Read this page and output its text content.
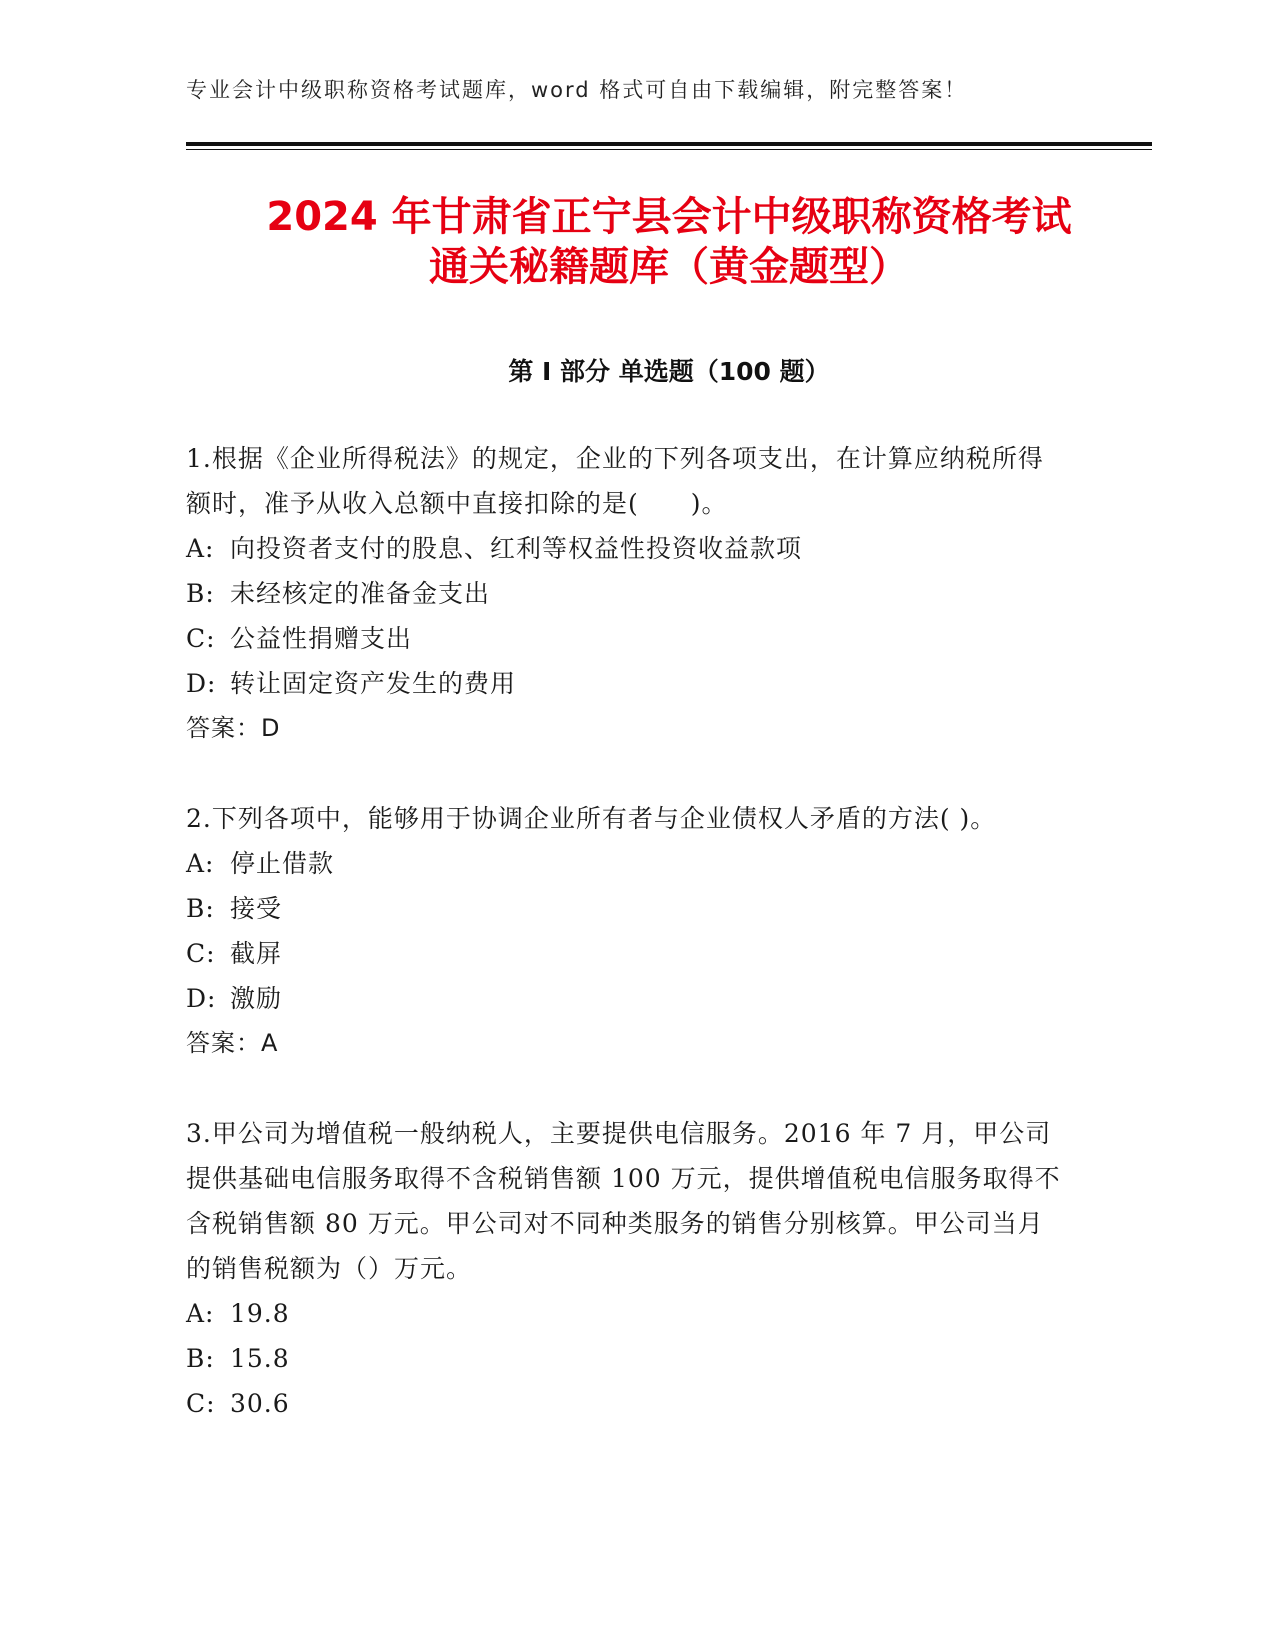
专业会计中级职称资格考试题库，word 格式可自由下载编辑，附完整答案！
2024 年甘肃省正宁县会计中级职称资格考试
通关秘籍题库（黄金题型）
第 I 部分 单选题（100 题）

1.根据《企业所得税法》的规定，企业的下列各项支出，在计算应纳税所得额时，准予从收入总额中直接扣除的是(　　)。

A: 向投资者支付的股息、红利等权益性投资收益款项

B: 未经核定的准备金支出

C: 公益性捐赠支出

D: 转让固定资产发生的费用

答案：D

2.下列各项中，能够用于协调企业所有者与企业债权人矛盾的方法( )。

A: 停止借款

B: 接受

C: 截屏

D: 激励

答案：A

3.甲公司为增值税一般纳税人，主要提供电信服务。2016 年 7 月，甲公司提供基础电信服务取得不含税销售额 100 万元，提供增值税电信服务取得不含税销售额 80 万元。甲公司对不同种类服务的销售分别核算。甲公司当月的销售税额为（）万元。

A: 19.8

B: 15.8

C: 30.6
